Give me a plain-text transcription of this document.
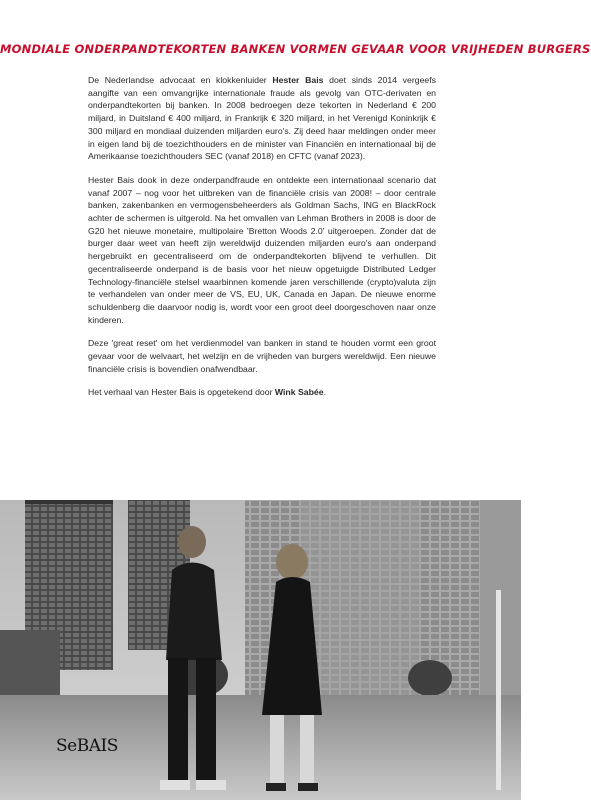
MONDIALE ONDERPANDTEKORTEN BANKEN VORMEN GEVAAR VOOR VRIJHEDEN BURGERS

De Nederlandse advocaat en klokkenluider Hester Bais doet sinds 2014 vergeefs aangifte van een omvangrijke internationale fraude als gevolg van OTC-derivaten en onderpandtekorten bij banken. In 2008 bedroegen deze tekorten in Nederland € 200 miljard, in Duitsland € 400 miljard, in Frankrijk € 320 miljard, in het Verenigd Koninkrijk € 300 miljard en mondiaal duizenden miljarden euro's. Zij deed haar meldingen onder meer in eigen land bij de toezichthouders en de minister van Financiën en internationaal bij de Amerikaanse toezichthouders SEC (vanaf 2018) en CFTC (vanaf 2023).

Hester Bais dook in deze onderpandfraude en ontdekte een internationaal scenario dat vanaf 2007 – nog voor het uitbreken van de financiële crisis van 2008! – door centrale banken, zakenbanken en vermogensbeheerders als Goldman Sachs, ING en BlackRock achter de schermen is uitgerold. Na het omvallen van Lehman Brothers in 2008 is door de G20 het nieuwe monetaire, multipolaire 'Bretton Woods 2.0' uitgeroepen. Zonder dat de burger daar weet van heeft zijn wereldwijd duizenden miljarden euro's aan onderpand hergebruikt en gecentraliseerd om de onderpandtekorten blijvend te verhullen. Dit gecentraliseerde onderpand is de basis voor het nieuw opgetuigde Distributed Ledger Technology-financiële stelsel waarbinnen komende jaren verschillende (crypto)valuta zijn te verhandelen van onder meer de VS, EU, UK, Canada en Japan. De nieuwe enorme schuldenberg die daarvoor nodig is, wordt voor een groot deel doorgeschoven naar onze kinderen.

Deze 'great reset' om het verdienmodel van banken in stand te houden vormt een groot gevaar voor de welvaart, het welzijn en de vrijheden van burgers wereldwijd. Een nieuwe financiële crisis is bovendien onafwendbaar.

Het verhaal van Hester Bais is opgetekend door Wink Sabée.

SeBAIS
